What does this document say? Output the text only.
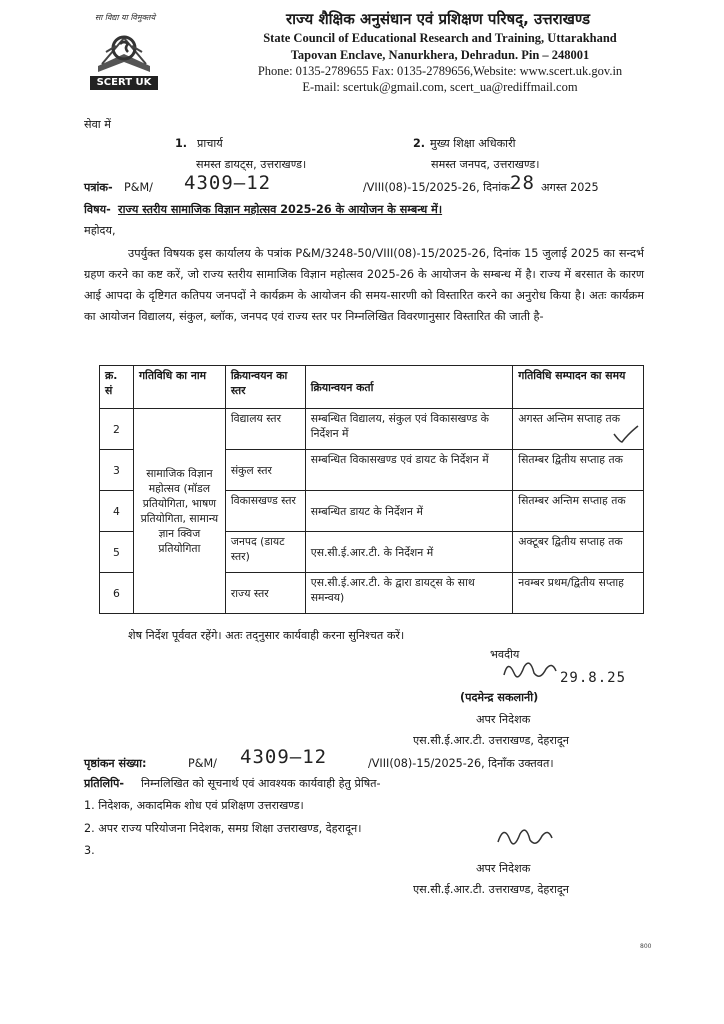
सा विद्या या विमुक्तये
SCERT UK
राज्य शैक्षिक अनुसंधान एवं प्रशिक्षण परिषद्, उत्तराखण्ड
State Council of Educational Research and Training, Uttarakhand
Tapovan Enclave, Nanurkhera, Dehradun. Pin – 248001
Phone: 0135-2789655 Fax: 0135-2789656,Website: www.scert.uk.gov.in
E-mail: scertuk@gmail.com, scert_ua@rediffmail.com
सेवा में
1. प्राचार्य
समस्त डायट्स, उत्तराखण्ड।
2. मुख्य शिक्षा अधिकारी
समस्त जनपद, उत्तराखण्ड।
पत्रांक- P&M/ 4309—12	/VIII(08)-15/2025-26, दिनांक-
28 अगस्त 2025
विषय- राज्य स्तरीय सामाजिक विज्ञान महोत्सव 2025-26 के आयोजन के सम्बन्ध में।
महोदय,
उपर्युक्त विषयक इस कार्यालय के पत्रांक P&M/3248-50/VIII(08)-15/2025-26, दिनांक 15 जुलाई 2025 का सन्दर्भ ग्रहण करने का कष्ट करें, जो राज्य स्तरीय सामाजिक विज्ञान महोत्सव 2025-26 के आयोजन के सम्बन्ध में है। राज्य में बरसात के कारण आई आपदा के दृष्टिगत कतिपय जनपदों ने कार्यक्रम के आयोजन की समय-सारणी को विस्तारित करने का अनुरोध किया है। अतः कार्यक्रम का आयोजन विद्यालय, संकुल, ब्लॉक, जनपद एवं राज्य स्तर पर निम्नलिखित विवरणानुसार विस्तारित की जाती है-
क्र. सं	गतिविधि का नाम	क्रियान्वयन का स्तर	क्रियान्वयन कर्ता	गतिविधि सम्पादन का समय
2	सामाजिक विज्ञान महोत्सव (मॉडल प्रतियोगिता, भाषण प्रतियोगिता, सामान्य ज्ञान क्विज प्रतियोगिता	विद्यालय स्तर	सम्बन्धित विद्यालय, संकुल एवं विकासखण्ड के निर्देशन में	अगस्त अन्तिम सप्ताह तक
3		संकुल स्तर	सम्बन्धित विकासखण्ड एवं डायट के निर्देशन में	सितम्बर द्वितीय सप्ताह तक
4		विकासखण्ड स्तर	सम्बन्धित डायट के निर्देशन में	सितम्बर अन्तिम सप्ताह तक
5		जनपद (डायट स्तर)	एस.सी.ई.आर.टी. के निर्देशन में	अक्टूबर द्वितीय सप्ताह तक
6		राज्य स्तर	एस.सी.ई.आर.टी. के द्वारा डायट्स के साथ समन्वय)	नवम्बर प्रथम/द्वितीय सप्ताह
शेष निर्देश पूर्ववत रहेंगे। अतः तद्नुसार कार्यवाही करना सुनिश्चत करें।
भवदीय
29.8.25
(पदमेन्द्र सकलानी)
अपर निदेशक
एस.सी.ई.आर.टी. उत्तराखण्ड, देहरादून
पृष्ठांकन संख्या:	P&M/ 4309—12	/VIII(08)-15/2025-26, दिनाँक उक्तवत।
प्रतिलिपि- निम्नलिखित को सूचनार्थ एवं आवश्यक कार्यवाही हेतु प्रेषित-
1. निदेशक, अकादमिक शोध एवं प्रशिक्षण उत्तराखण्ड।
2. अपर राज्य परियोजना निदेशक, समग्र शिक्षा उत्तराखण्ड, देहरादून।
3.
अपर निदेशक
एस.सी.ई.आर.टी. उत्तराखण्ड, देहरादून
800
